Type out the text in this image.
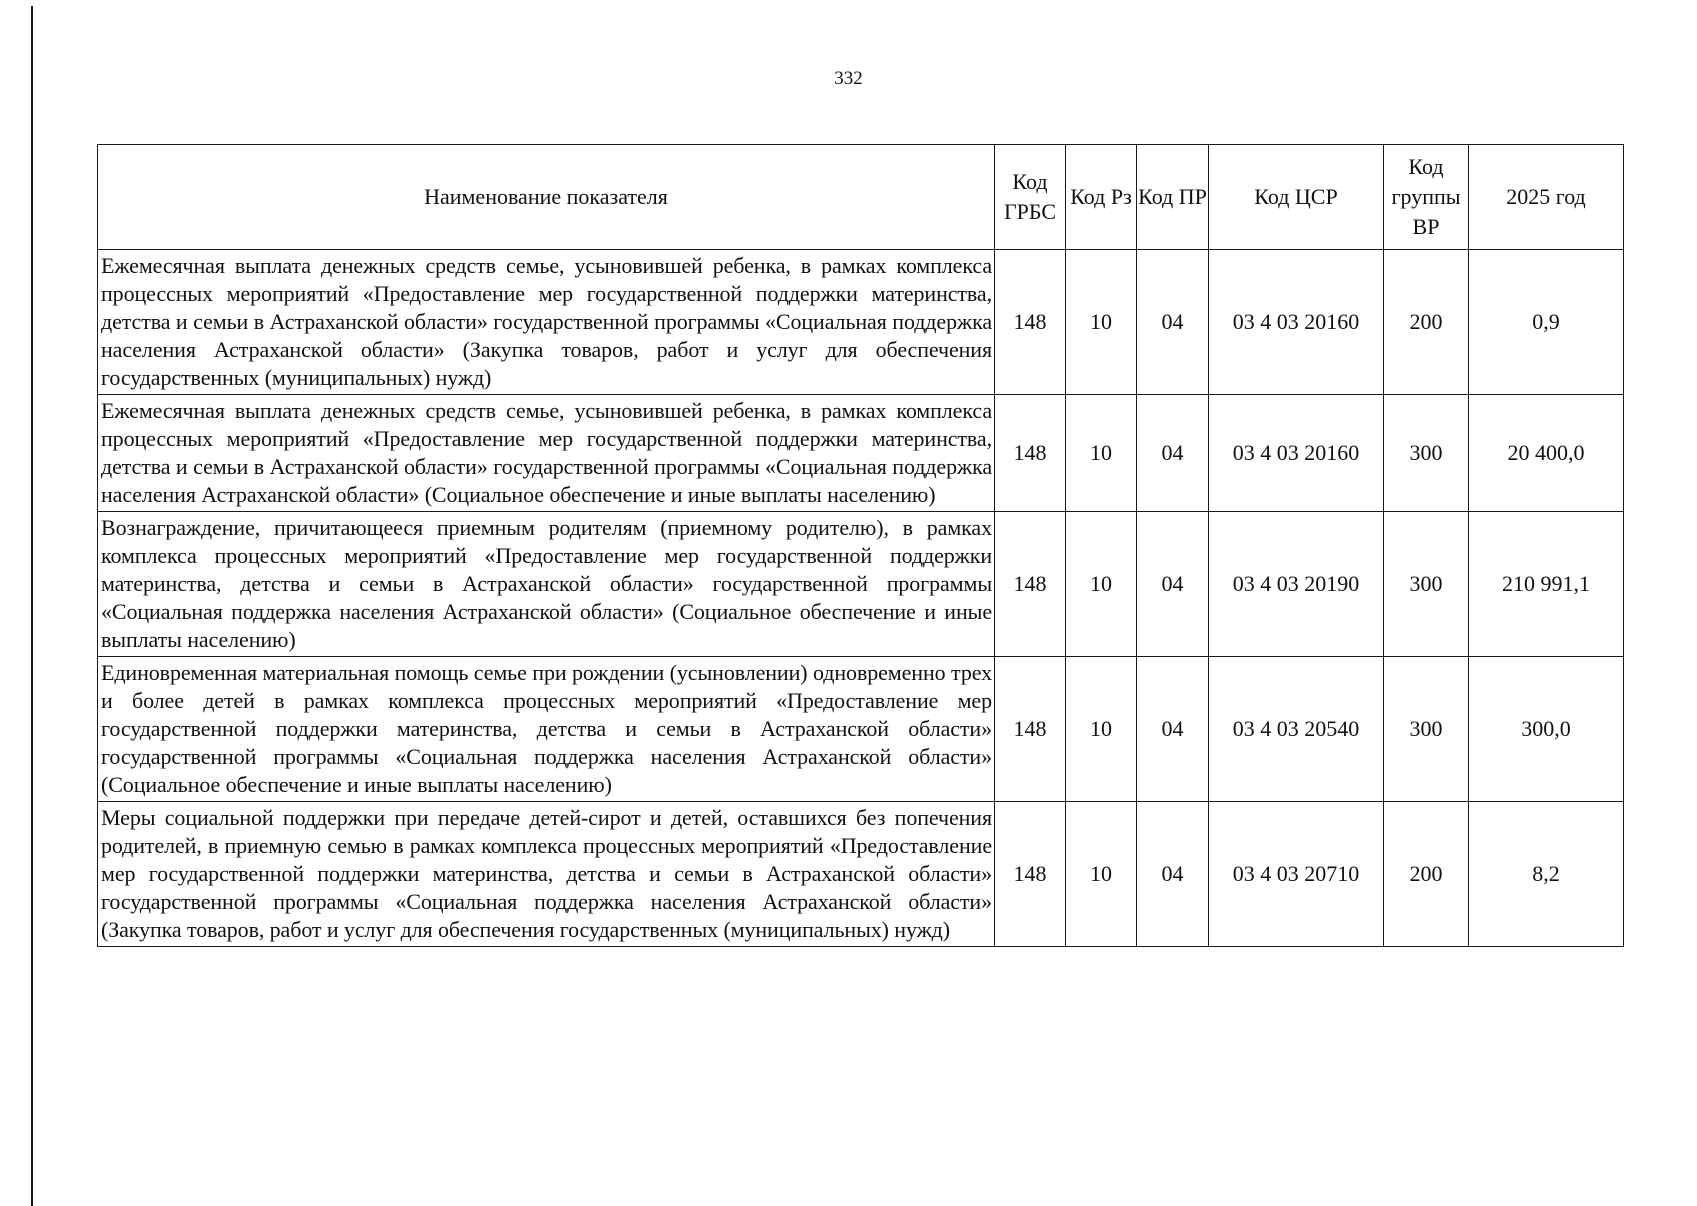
332
Наименование показателя	Код ГРБС	Код Рз	Код ПР	Код ЦСР	Код группы ВР	2025 год
Ежемесячная выплата денежных средств семье, усыновившей ребенка, в рамках комплекса процессных мероприятий «Предоставление мер государственной поддержки материнства, детства и семьи в Астраханской области» государственной программы «Социальная поддержка населения Астраханской области» (Закупка товаров, работ и услуг для обеспечения государственных (муниципальных) нужд)	148	10	04	03 4 03 20160	200	0,9
Ежемесячная выплата денежных средств семье, усыновившей ребенка, в рамках комплекса процессных мероприятий «Предоставление мер государственной поддержки материнства, детства и семьи в Астраханской области» государственной программы «Социальная поддержка населения Астраханской области» (Социальное обеспечение и иные выплаты населению)	148	10	04	03 4 03 20160	300	20 400,0
Вознаграждение, причитающееся приемным родителям (приемному родителю), в рамках комплекса процессных мероприятий «Предоставление мер государственной поддержки материнства, детства и семьи в Астраханской области» государственной программы «Социальная поддержка населения Астраханской области» (Социальное обеспечение и иные выплаты населению)	148	10	04	03 4 03 20190	300	210 991,1
Единовременная материальная помощь семье при рождении (усыновлении) одновременно трех и более детей в рамках комплекса процессных мероприятий «Предоставление мер государственной поддержки материнства, детства и семьи в Астраханской области» государственной программы «Социальная поддержка населения Астраханской области» (Социальное обеспечение и иные выплаты населению)	148	10	04	03 4 03 20540	300	300,0
Меры социальной поддержки при передаче детей-сирот и детей, оставшихся без попечения родителей, в приемную семью в рамках комплекса процессных мероприятий «Предоставление мер государственной поддержки материнства, детства и семьи в Астраханской области» государственной программы «Социальная поддержка населения Астраханской области» (Закупка товаров, работ и услуг для обеспечения государственных (муниципальных) нужд)	148	10	04	03 4 03 20710	200	8,2
